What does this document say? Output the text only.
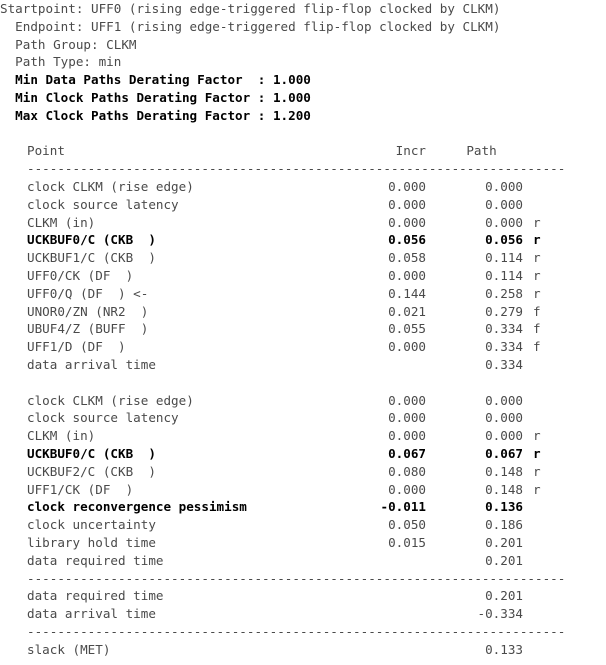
Startpoint: UFF0 (rising edge-triggered flip-flop clocked by CLKM)
Endpoint: UFF1 (rising edge-triggered flip-flop clocked by CLKM)
Path Group: CLKM
Path Type: min
Min Data Paths Derating Factor  : 1.000
Min Clock Paths Derating Factor : 1.000
Max Clock Paths Derating Factor : 1.200
Point	Incr	Path
-----------------------------------------------------------------------
clock CLKM (rise edge)	0.000	0.000
clock source latency	0.000	0.000
CLKM (in)	0.000	0.000 r
UCKBUF0/C (CKB  )	0.056	0.056 r
UCKBUF1/C (CKB  )	0.058	0.114 r
UFF0/CK (DF  )	0.000	0.114 r
UFF0/Q (DF  ) <-	0.144	0.258 r
UNOR0/ZN (NR2  )	0.021	0.279 f
UBUF4/Z (BUFF  )	0.055	0.334 f
UFF1/D (DF  )	0.000	0.334 f
data arrival time	0.334
clock CLKM (rise edge)	0.000	0.000
clock source latency	0.000	0.000
CLKM (in)	0.000	0.000 r
UCKBUF0/C (CKB  )	0.067	0.067 r
UCKBUF2/C (CKB  )	0.080	0.148 r
UFF1/CK (DF  )	0.000	0.148 r
clock reconvergence pessimism	-0.011	0.136
clock uncertainty	0.050	0.186
library hold time	0.015	0.201
data required time	0.201
-----------------------------------------------------------------------
data required time	0.201
data arrival time	-0.334
-----------------------------------------------------------------------
slack (MET)	0.133
